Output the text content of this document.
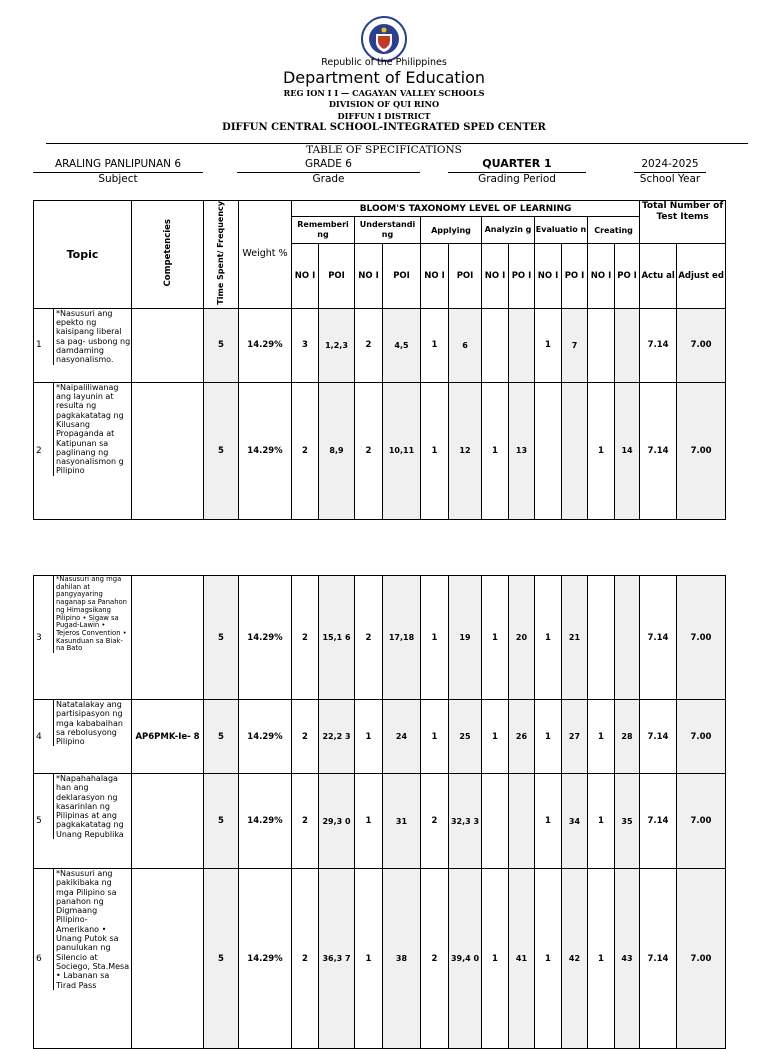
Republic of the Philippines
Department of Education
REG ION I I — CAGAYAN VALLEY SCHOOLS
DIVISION OF QUI RINO
DIFFUN I DISTRICT
DIFFUN CENTRAL SCHOOL-INTEGRATED SPED CENTER
TABLE OF SPECIFICATIONS
ARALING PANLIPUNAN 6
Subject
GRADE 6
Grade
QUARTER 1
Grading Period
2024-2025
School Year
Topic	Competencies	Time Spent/ Frequency	Weight %	BLOOM'S TAXONOMY LEVEL OF LEARNING												Total Number of Test Items	
				Rememberi ng		Understandi ng		Applying		Analyzin g		Evaluatio n		Creating			
				NO I	POI	NO I	POI	NO I	POI	NO I	PO I	NO I	PO I	NO I	PO I	Actu al	Adjust ed

1
*Nasusuri ang epekto ng kaisipang liberal sa pag- usbong ng damdaming nasyonalismo.		5	14.29%	3	1,2,3	2	4,5	1	6			1	7			7.14	7.00

2
*Naipaliliwanag ang layunin at resulta ng pagkakatatag ng Kilusang Propaganda at Katipunan sa paglinang ng nasyonalismon g Pilipino		5	14.29%	2	8,9	2	10,11	1	12	1	13			1	14	7.14	7.00
3
*Nasusuri ang mga dahilan at pangyayaring naganap sa Panahon ng Himagsikang Pilipino • Sigaw sa Pugad-Lawin • Tejeros Convention • Kasunduan sa Biak-na Bato		5	14.29%	2	15,1 6	2	17,18	1	19	1	20	1	21			7.14	7.00

4
Natatalakay ang partisipasyon ng mga kababaihan sa rebolusyong Pilipino	AP6PMK-Ie- 8	5	14.29%	2	22,2 3	1	24	1	25	1	26	1	27	1	28	7.14	7.00

5
*Napahahalaga han ang deklarasyon ng kasarinlan ng Pilipinas at ang pagkakatatag ng Unang Republika		5	14.29%	2	29,3 0	1	31	2	32,3 3			1	34	1	35	7.14	7.00

6
*Nasusuri ang pakikibaka ng mga Pilipino sa panahon ng Digmaang Pilipino- Amerikano • Unang Putok sa panulukan ng Silencio at Sociego, Sta.Mesa • Labanan sa Tirad Pass		5	14.29%	2	36,3 7	1	38	2	39,4 0	1	41	1	42	1	43	7.14	7.00
